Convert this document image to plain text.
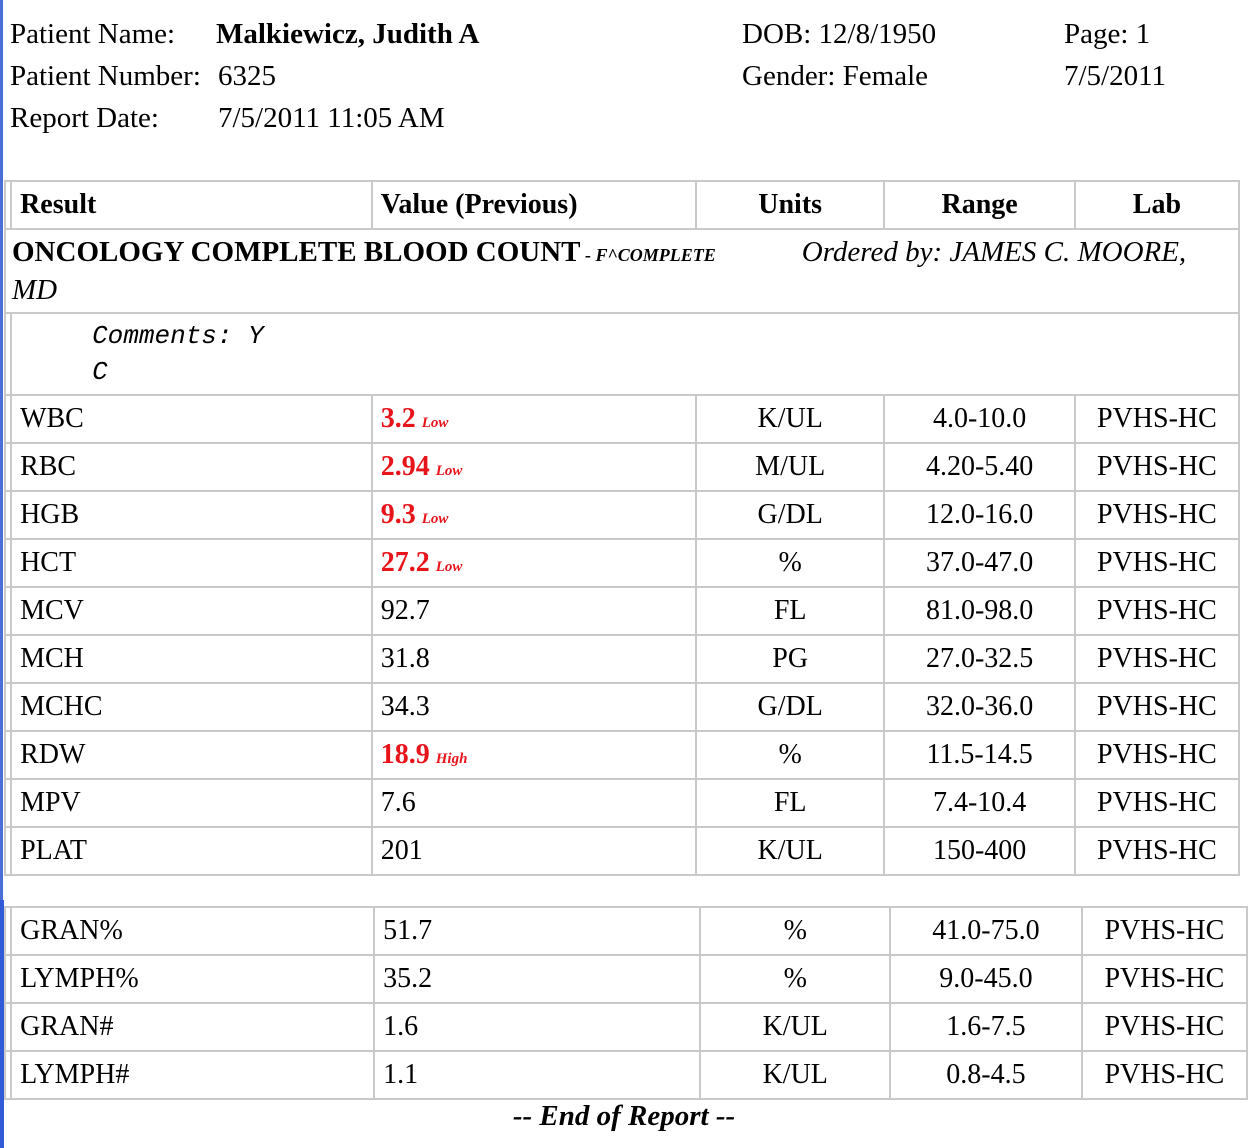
Patient Name: Malkiewicz, Judith A
Patient Number: 6325
Report Date: 7/5/2011 11:05 AM
DOB: 12/8/1950
Gender: Female
Page: 1
7/5/2011
	Result	Value (Previous)	Units	Range	Lab

ONCOLOGY COMPLETE BLOOD COUNT - F^COMPLETE Ordered by: JAMES C. MOORE, MD					

	Comments: Y
C				

	WBC	3.2 Low	K/UL	4.0-10.0	PVHS-HC
	RBC	2.94 Low	M/UL	4.20-5.40	PVHS-HC
	HGB	9.3 Low	G/DL	12.0-16.0	PVHS-HC
	HCT	27.2 Low	%	37.0-47.0	PVHS-HC
	MCV	92.7	FL	81.0-98.0	PVHS-HC
	MCH	31.8	PG	27.0-32.5	PVHS-HC
	MCHC	34.3	G/DL	32.0-36.0	PVHS-HC
	RDW	18.9 High	%	11.5-14.5	PVHS-HC
	MPV	7.6	FL	7.4-10.4	PVHS-HC
	PLAT	201	K/UL	150-400	PVHS-HC
	GRAN%	51.7	%	41.0-75.0	PVHS-HC
	LYMPH%	35.2	%	9.0-45.0	PVHS-HC
	GRAN#	1.6	K/UL	1.6-7.5	PVHS-HC
	LYMPH#	1.1	K/UL	0.8-4.5	PVHS-HC
-- End of Report --
